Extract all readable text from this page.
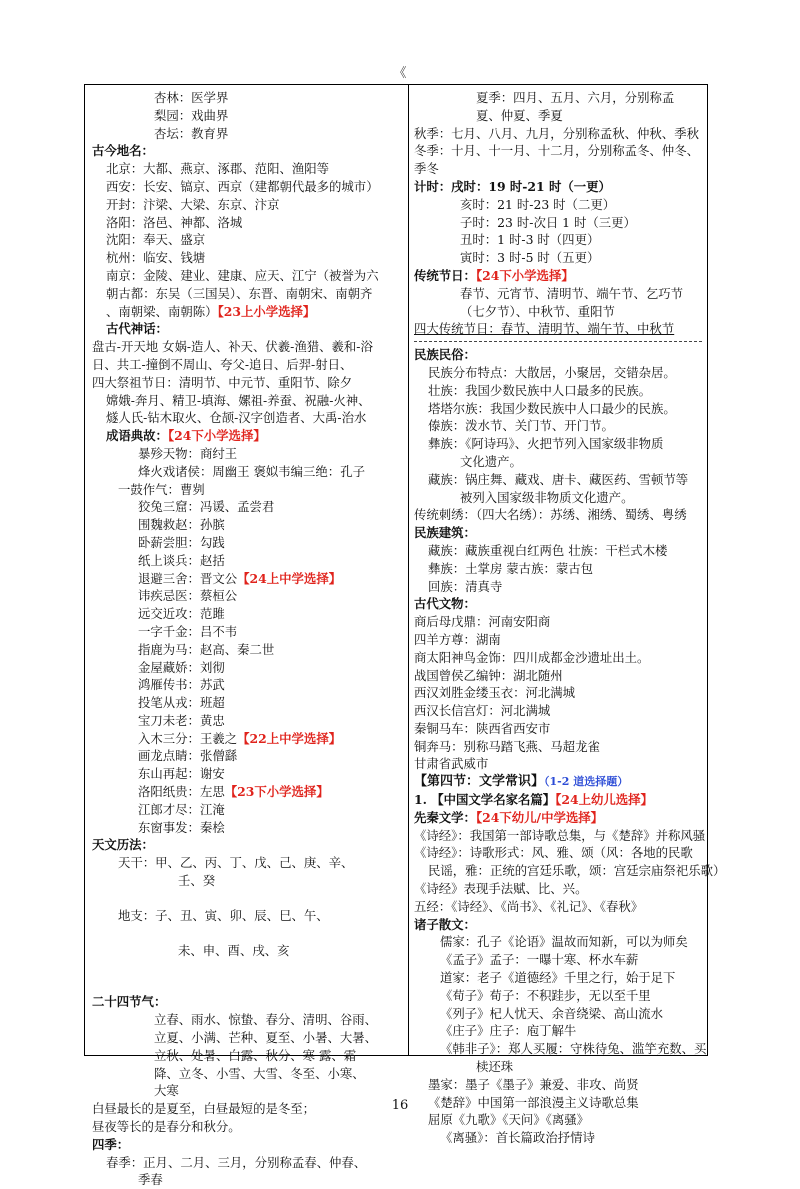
《
杏林：医学界
梨园：戏曲界
杏坛：教育界
古今地名：
北京：大都、燕京、涿郡、范阳、渔阳等
西安：长安、镐京、西京（建都朝代最多的城市）
开封：汴梁、大梁、东京、汴京
洛阳：洛邑、神都、洛城
沈阳：奉天、盛京
杭州：临安、钱塘
南京：金陵、建业、建康、应天、江宁（被誉为六
朝古都：东吴（三国吴）、东晋、南朝宋、南朝齐
、南朝梁、南朝陈）【23上小学选择】
古代神话：
盘古-开天地 女娲-造人、补天、伏羲-渔猎、羲和-浴
日、共工-撞倒不周山、夸父-追日、后羿-射日、
四大祭祖节日：清明节、中元节、重阳节、除夕
嫦娥-奔月、精卫-填海、嫘祖-养蚕、祝融-火神、
燧人氏-钻木取火、仓颉-汉字创造者、大禹-治水
成语典故：【24下小学选择】
暴殄天物：商纣王
烽火戏诸侯：周幽王 褒姒韦编三绝：孔子
一鼓作气：曹刿
狡兔三窟：冯谖、孟尝君
围魏救赵：孙膑
卧薪尝胆：勾践
纸上谈兵：赵括
退避三舍：晋文公【24上中学选择】
讳疾忌医：蔡桓公
远交近攻：范雎
一字千金：吕不韦
指鹿为马：赵高、秦二世
金屋藏娇：刘彻
鸿雁传书：苏武
投笔从戎：班超
宝刀未老：黄忠
入木三分：王羲之【22上中学选择】
画龙点睛：张僧繇
东山再起：谢安
洛阳纸贵：左思【23下小学选择】
江郎才尽：江淹
东窗事发：秦桧
天文历法：
天干：甲、乙、丙、丁、戊、己、庚、辛、
壬、癸
地支：子、丑、寅、卯、辰、巳、午、
未、申、酉、戌、亥
二十四节气：
立春、雨水、惊蛰、春分、清明、谷雨、
立夏、小满、芒种、夏至、小暑、大暑、
立秋、处暑、白露、秋分、寒 露、霜
降、立冬、小雪、大雪、冬至、小寒、
大寒
白昼最长的是夏至，白昼最短的是冬至；
昼夜等长的是春分和秋分。
四季：
春季：正月、二月、三月，分别称孟春、仲春、
季春
夏季：四月、五月、六月，分别称孟
夏、仲夏、季夏
秋季：七月、八月、九月，分别称孟秋、仲秋、季秋
冬季：十月、十一月、十二月，分别称孟冬、仲冬、
季冬
计时：戌时：19 时-21 时（一更）
亥时：21 时-23 时（二更）
子时：23 时-次日 1 时（三更）
丑时：1 时-3 时（四更）
寅时：3 时-5 时（五更）
传统节日：【24下小学选择】
春节、元宵节、清明节、端午节、乞巧节
（七夕节）、中秋节、重阳节
四大传统节日：春节、清明节、端午节、中秋节
民族民俗：
民族分布特点：大散居，小聚居，交错杂居。
壮族：我国少数民族中人口最多的民族。
塔塔尔族：我国少数民族中人口最少的民族。
傣族：泼水节、关门节、开门节。
彝族：《阿诗玛》、火把节列入国家级非物质
文化遗产。
藏族：锅庄舞、藏戏、唐卡、藏医药、雪顿节等
被列入国家级非物质文化遗产。
传统刺绣：（四大名绣）：苏绣、湘绣、蜀绣、粤绣
民族建筑：
藏族：藏族重视白红两色 壮族：干栏式木楼
彝族：土掌房 蒙古族：蒙古包
回族：清真寺
古代文物：
商后母戊鼎：河南安阳商
四羊方尊：湖南
商太阳神鸟金饰：四川成都金沙遗址出土。
战国曾侯乙编钟：湖北随州
西汉刘胜金缕玉衣：河北满城
西汉长信宫灯：河北满城
秦铜马车：陕西省西安市
铜奔马：别称马踏飞燕、马超龙雀
甘肃省武威市
【第四节：文学常识】（1-2 道选择题）
1. 【中国文学名家名篇】【24上幼儿选择】
先秦文学：【24下幼儿/中学选择】
《诗经》：我国第一部诗歌总集，与《楚辞》并称风骚
《诗经》：诗歌形式：风、雅、颂（风：各地的民歌
民谣，雅：正统的宫廷乐歌，颂：宫廷宗庙祭祀乐歌）
《诗经》表现手法赋、比、兴。
五经：《诗经》、《尚书》、《礼记》、《春秋》
诸子散文：
儒家：孔子《论语》温故而知新，可以为师矣
《孟子》孟子：一曝十寒、杯水车薪
道家：老子《道德经》千里之行，始于足下
《荀子》荀子：不积跬步，无以至千里
《列子》杞人忧天、余音绕梁、高山流水
《庄子》庄子：庖丁解牛
《韩非子》：郑人买履：守株待兔、滥竽充数、买
椟还珠
墨家：墨子《墨子》兼爱、非攻、尚贤
《楚辞》中国第一部浪漫主义诗歌总集
屈原《九歌》《天问》《离骚》
《离骚》：首长篇政治抒情诗
16
